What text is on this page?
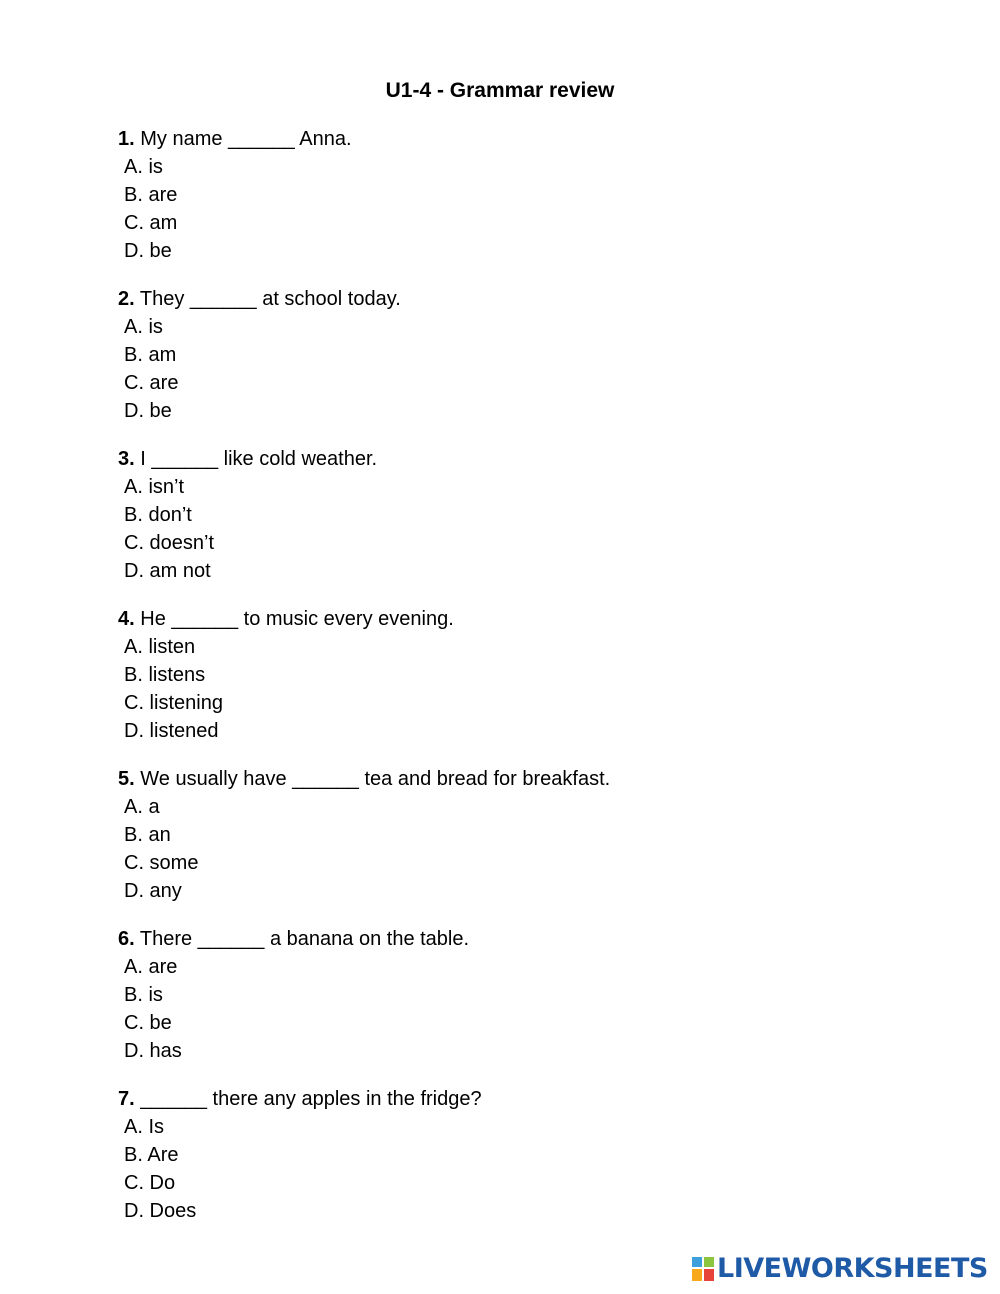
U1-4 - Grammar review
1. My name ______ Anna.
A. is
B. are
C. am
D. be
2. They ______ at school today.
A. is
B. am
C. are
D. be
3. I ______ like cold weather.
A. isn’t
B. don’t
C. doesn’t
D. am not
4. He ______ to music every evening.
A. listen
B. listens
C. listening
D. listened
5. We usually have ______ tea and bread for breakfast.
A. a
B. an
C. some
D. any
6. There ______ a banana on the table.
A. are
B. is
C. be
D. has
7. ______ there any apples in the fridge?
A. Is
B. Are
C. Do
D. Does
LIVEWORKSHEETS
